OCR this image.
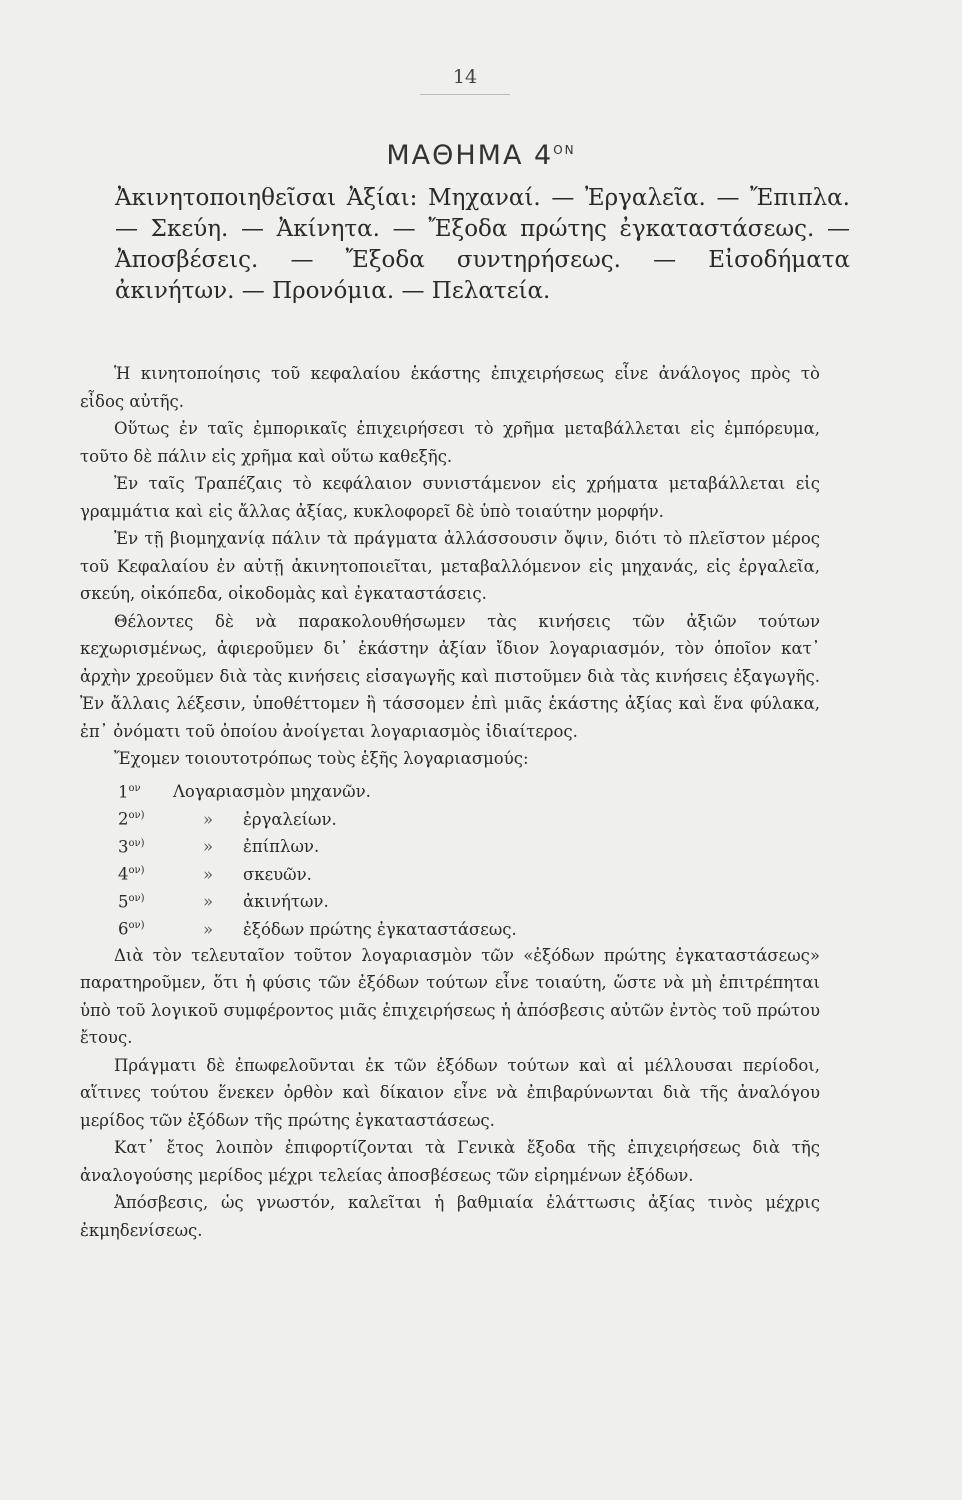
14
ΜΑΘΗΜΑ $4^{ON}$
Ἀκινητοποιηθεῖσαι Ἀξίαι: Μηχαναί. — Ἐργαλεῖα. — Ἔπιπλα. — Σκεύη. — Ἀκίνητα. — Ἔξοδα πρώτης ἐγκαταστάσεως. — Ἀποσβέσεις. — Ἔξοδα συντηρήσεως. — Εἰσοδήματα ἀκινήτων. — Προνόμια. — Πελατεία.

Ἡ κινητοποίησις τοῦ κεφαλαίου ἑκάστης ἐπιχειρήσεως εἶνε ἀνάλογος πρὸς τὸ εἶδος αὐτῆς.

Οὕτως ἐν ταῖς ἐμπορικαῖς ἐπιχειρήσεσι τὸ χρῆμα μεταβάλλεται εἰς ἐμπόρευμα, τοῦτο δὲ πάλιν εἰς χρῆμα καὶ οὕτω καθεξῆς.

Ἐν ταῖς Τραπέζαις τὸ κεφάλαιον συνιστάμενον εἰς χρήματα μεταβάλλεται εἰς γραμμάτια καὶ εἰς ἄλλας ἀξίας, κυκλοφορεῖ δὲ ὑπὸ τοιαύτην μορφήν.

Ἐν τῇ βιομηχανίᾳ πάλιν τὰ πράγματα ἀλλάσσουσιν ὄψιν, διότι τὸ πλεῖστον μέρος τοῦ Κεφαλαίου ἐν αὐτῇ ἀκινητοποιεῖται, μεταβαλλόμενον εἰς μηχανάς, εἰς ἐργαλεῖα, σκεύη, οἰκόπεδα, οἰκοδομὰς καὶ ἐγκαταστάσεις.

Θέλοντες δὲ νὰ παρακολουθήσωμεν τὰς κινήσεις τῶν ἀξιῶν τούτων κεχωρισμένως, ἀφιεροῦμεν δι᾽ ἑκάστην ἀξίαν ἴδιον λογαριασμόν, τὸν ὁποῖον κατ᾽ ἀρχὴν χρεοῦμεν διὰ τὰς κινήσεις εἰσαγωγῆς καὶ πιστοῦμεν διὰ τὰς κινήσεις ἐξαγωγῆς. Ἐν ἄλλαις λέξεσιν, ὑποθέττομεν ἢ τάσσομεν ἐπὶ μιᾶς ἑκάστης ἀξίας καὶ ἕνα φύλακα, ἐπ᾽ ὀνόματι τοῦ ὁποίου ἀνοίγεται λογαριασμὸς ἰδιαίτερος.

Ἔχομεν τοιουτοτρόπως τοὺς ἑξῆς λογαριασμούς:

$1^{o\nu}$	Λογαριασμὸν μηχανῶν.
$2^{o\nu)}$	»	ἐργαλείων.
$3^{o\nu)}$	»	ἐπίπλων.
$4^{o\nu)}$	»	σκευῶν.
$5^{o\nu)}$	»	ἀκινήτων.
$6^{o\nu)}$	»	ἐξόδων πρώτης ἐγκαταστάσεως.

Διὰ τὸν τελευταῖον τοῦτον λογαριασμὸν τῶν «ἐξόδων πρώτης ἐγκαταστάσεως» παρατηροῦμεν, ὅτι ἡ φύσις τῶν ἐξόδων τούτων εἶνε τοιαύτη, ὥστε νὰ μὴ ἐπιτρέπηται ὑπὸ τοῦ λογικοῦ συμφέροντος μιᾶς ἐπιχειρήσεως ἡ ἀπόσβεσις αὐτῶν ἐντὸς τοῦ πρώτου ἔτους.

Πράγματι δὲ ἐπωφελοῦνται ἐκ τῶν ἐξόδων τούτων καὶ αἱ μέλλουσαι περίοδοι, αἵτινες τούτου ἕνεκεν ὀρθὸν καὶ δίκαιον εἶνε νὰ ἐπιβαρύνωνται διὰ τῆς ἀναλόγου μερίδος τῶν ἐξόδων τῆς πρώτης ἐγκαταστάσεως.

Κατ᾽ ἔτος λοιπὸν ἐπιφορτίζονται τὰ Γενικὰ ἔξοδα τῆς ἐπιχειρήσεως διὰ τῆς ἀναλογούσης μερίδος μέχρι τελείας ἀποσβέσεως τῶν εἰρημένων ἐξόδων.

Ἀπόσβεσις, ὡς γνωστόν, καλεῖται ἡ βαθμιαία ἐλάττωσις ἀξίας τινὸς μέχρις ἐκμηδενίσεως.
